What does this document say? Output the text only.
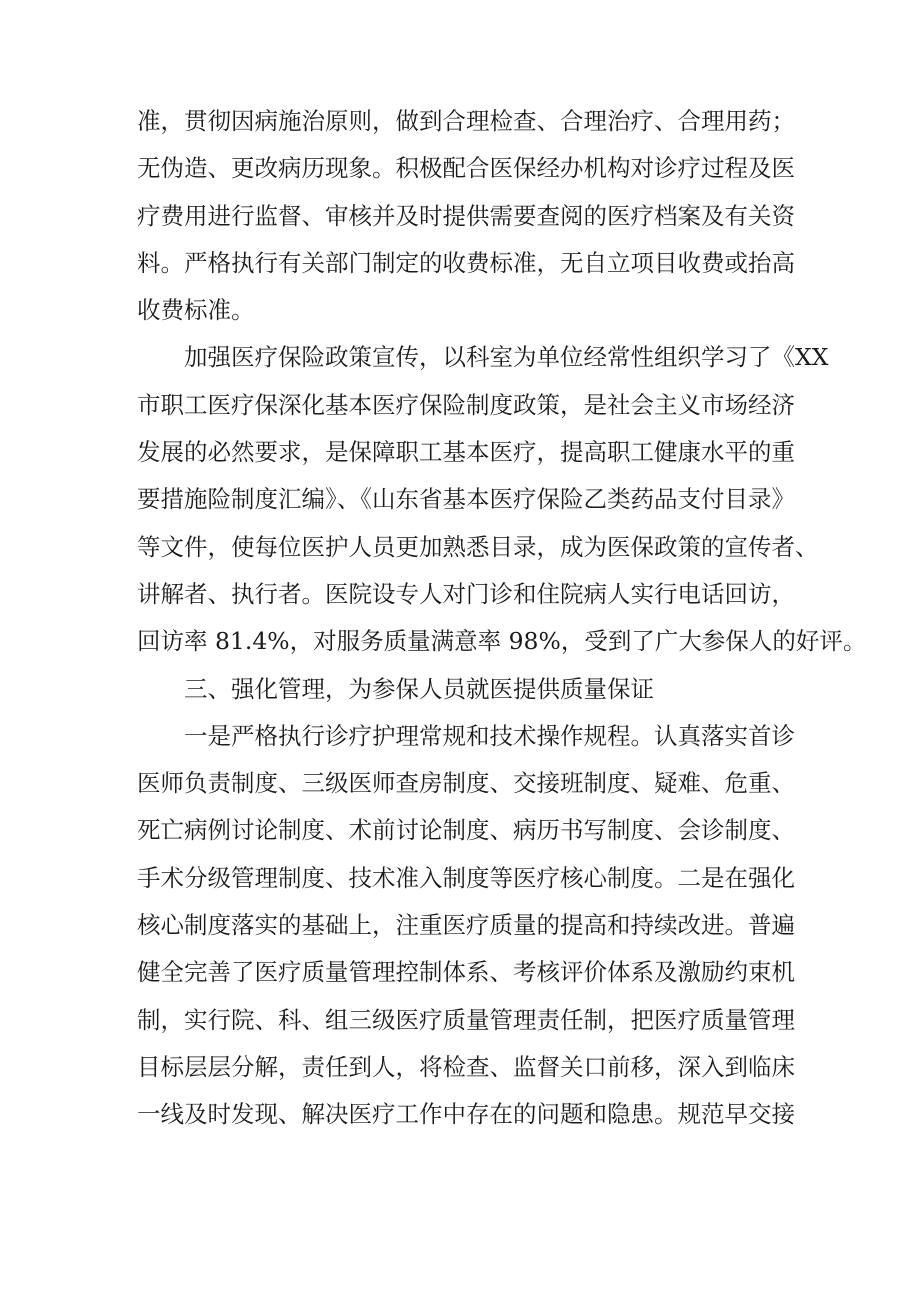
准，贯彻因病施治原则，做到合理检查、合理治疗、合理用药；
无伪造、更改病历现象。积极配合医保经办机构对诊疗过程及医
疗费用进行监督、审核并及时提供需要查阅的医疗档案及有关资
料。严格执行有关部门制定的收费标准，无自立项目收费或抬高
收费标准。

加强医疗保险政策宣传，以科室为单位经常性组织学习了《XX
市职工医疗保深化基本医疗保险制度政策，是社会主义市场经济
发展的必然要求，是保障职工基本医疗，提高职工健康水平的重
要措施险制度汇编》、《山东省基本医疗保险乙类药品支付目录》
等文件，使每位医护人员更加熟悉目录，成为医保政策的宣传者、
讲解者、执行者。医院设专人对门诊和住院病人实行电话回访，
回访率 81.4%，对服务质量满意率 98%，受到了广大参保人的好评。

三、强化管理，为参保人员就医提供质量保证

一是严格执行诊疗护理常规和技术操作规程。认真落实首诊
医师负责制度、三级医师查房制度、交接班制度、疑难、危重、
死亡病例讨论制度、术前讨论制度、病历书写制度、会诊制度、
手术分级管理制度、技术准入制度等医疗核心制度。二是在强化
核心制度落实的基础上，注重医疗质量的提高和持续改进。普遍
健全完善了医疗质量管理控制体系、考核评价体系及激励约束机
制，实行院、科、组三级医疗质量管理责任制，把医疗质量管理
目标层层分解，责任到人，将检查、监督关口前移，深入到临床
一线及时发现、解决医疗工作中存在的问题和隐患。规范早交接
